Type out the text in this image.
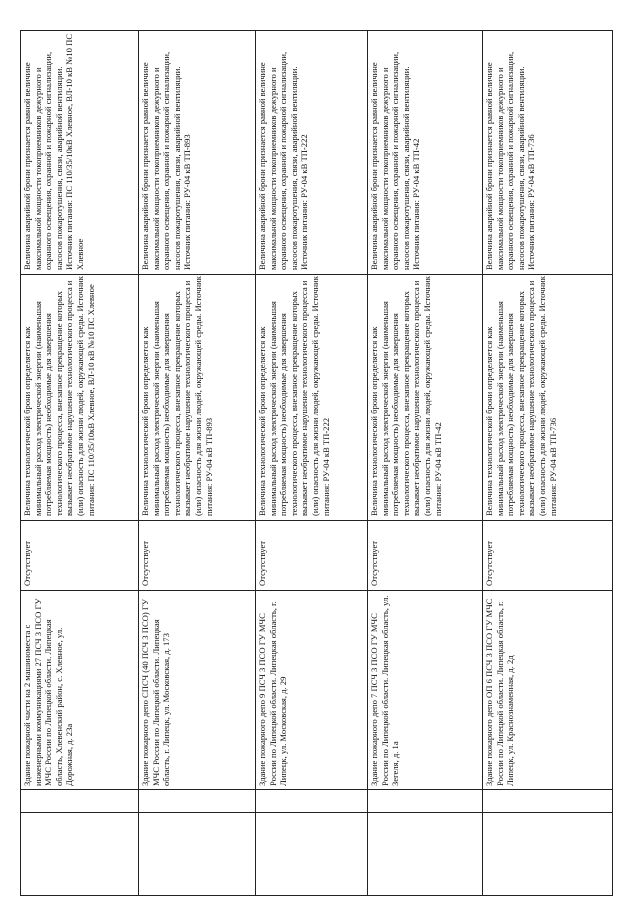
Здание пожарной части на 2 машиноместа с инженерными коммуникациями 27 ПСЧ 3 ПСО ГУ МЧС России по Липецкой области. Липецкая область, Хлевенский район, с. Хлевное, ул. Дорожная, д. 23а
Отсутствует
Величина технологической брони определяется как минимальный расход электрической энергии (наименьшая потребляемая мощность) необходимые для завершения технологического процесса, внезапное прекращение которых вызывает необратимое нарушение технологического процесса и (или) опасность для жизни людей, окружающей среды. Источник питания: ПС 110/35/10кВ Хлевное, ВЛ-10 кВ №10 ПС Хлевное
Величина аварийной брони признается равной величине максимальной мощности токоприемников дежурного и охранного освещения, охранной и пожарной сигнализации, насосов пожаротушения, связи, аварийной вентиляции. Источник питания: ПС 110/35/10кВ Хлевное, ВЛ-10 кВ №10 ПС Хлевное
Здание пожарного депо СПСЧ (40 ПСЧ 3 ПСО) ГУ МЧС России по Липецкой области. Липецкая область, г. Липецк, ул. Московская, д. 173
Отсутствует
Величина технологической брони определяется как минимальный расход электрической энергии (наименьшая потребляемая мощность) необходимые для завершения технологического процесса, внезапное прекращение которых вызывает необратимое нарушение технологического процесса и (или) опасность для жизни людей, окружающей среды. Источник питания: РУ-04 кВ ТП-893
Величина аварийной брони признается равной величине максимальной мощности токоприемников дежурного и охранного освещения, охранной и пожарной сигнализации, насосов пожаротушения, связи, аварийной вентиляции. Источник питания: РУ-04 кВ ТП-893
Здание пожарного депо 9 ПСЧ 3 ПСО ГУ МЧС России по Липецкой области. Липецкая область, г. Липецк, ул. Московская, д. 29
Отсутствует
Величина технологической брони определяется как минимальный расход электрической энергии (наименьшая потребляемая мощность) необходимые для завершения технологического процесса, внезапное прекращение которых вызывает необратимое нарушение технологического процесса и (или) опасность для жизни людей, окружающей среды. Источник питания: РУ-04 кВ ТП-222
Величина аварийной брони признается равной величине максимальной мощности токоприемников дежурного и охранного освещения, охранной и пожарной сигнализации, насосов пожаротушения, связи, аварийной вентиляции. Источник питания: РУ-04 кВ ТП-222
Здание пожарного депо 7 ПСЧ 3 ПСО ГУ МЧС России по Липецкой области. Липецкая область, ул. Зегеля, д. 1а
Отсутствует
Величина технологической брони определяется как минимальный расход электрической энергии (наименьшая потребляемая мощность) необходимые для завершения технологического процесса, внезапное прекращение которых вызывает необратимое нарушение технологического процесса и (или) опасность для жизни людей, окружающей среды. Источник питания: РУ-04 кВ ТП-42
Величина аварийной брони признается равной величине максимальной мощности токоприемников дежурного и охранного освещения, охранной и пожарной сигнализации, насосов пожаротушения, связи, аварийной вентиляции. Источник питания: РУ-04 кВ ТП-42
Здание пожарного депо ОП 6 ПСЧ 3 ПСО ГУ МЧС России по Липецкой области. Липецкая область, г. Липецк, ул. Краснознаменная, д. 2д
Отсутствует
Величина технологической брони определяется как минимальный расход электрической энергии (наименьшая потребляемая мощность) необходимые для завершения технологического процесса, внезапное прекращение которых вызывает необратимое нарушение технологического процесса и (или) опасность для жизни людей, окружающей среды. Источник питания: РУ-04 кВ ТП-736
Величина аварийной брони признается равной величине максимальной мощности токоприемников дежурного и охранного освещения, охранной и пожарной сигнализации, насосов пожаротушения, связи, аварийной вентиляции. Источник питания: РУ-04 кВ ТП-736
